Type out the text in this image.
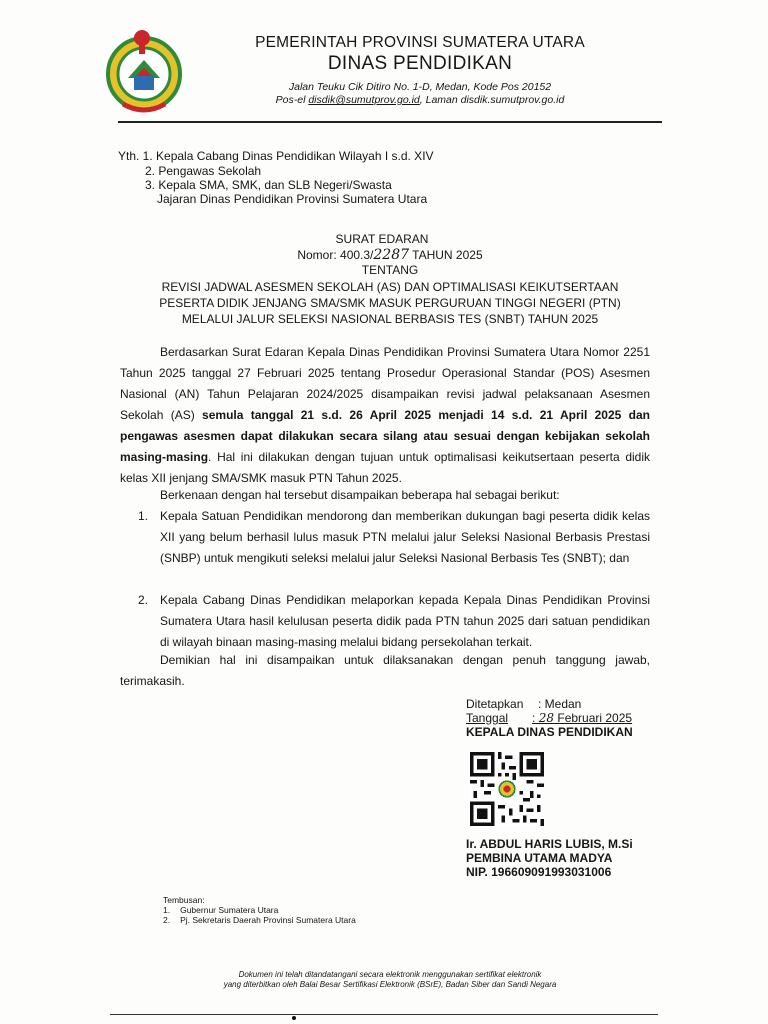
PEMERINTAH PROVINSI SUMATERA UTARA
DINAS PENDIDIKAN
Jalan Teuku Cik Ditiro No. 1-D, Medan, Kode Pos 20152
Pos-el disdik@sumutprov.go.id, Laman disdik.sumutprov.go.id
Yth. 1. Kepala Cabang Dinas Pendidikan Wilayah I s.d. XIV
2. Pengawas Sekolah
3. Kepala SMA, SMK, dan SLB Negeri/Swasta
Jajaran Dinas Pendidikan Provinsi Sumatera Utara
SURAT EDARAN
Nomor: 400.3/2287 TAHUN 2025
TENTANG
REVISI JADWAL ASESMEN SEKOLAH (AS) DAN OPTIMALISASI KEIKUTSERTAAN
PESERTA DIDIK JENJANG SMA/SMK MASUK PERGURUAN TINGGI NEGERI (PTN)
MELALUI JALUR SELEKSI NASIONAL BERBASIS TES (SNBT) TAHUN 2025
Berdasarkan Surat Edaran Kepala Dinas Pendidikan Provinsi Sumatera Utara Nomor 2251 Tahun 2025 tanggal 27 Februari 2025 tentang Prosedur Operasional Standar (POS) Asesmen Nasional (AN) Tahun Pelajaran 2024/2025 disampaikan revisi jadwal pelaksanaan Asesmen Sekolah (AS) semula tanggal 21 s.d. 26 April 2025 menjadi 14 s.d. 21 April 2025 dan pengawas asesmen dapat dilakukan secara silang atau sesuai dengan kebijakan sekolah masing-masing. Hal ini dilakukan dengan tujuan untuk optimalisasi keikutsertaan peserta didik kelas XII jenjang SMA/SMK masuk PTN Tahun 2025.
Berkenaan dengan hal tersebut disampaikan beberapa hal sebagai berikut:
1. Kepala Satuan Pendidikan mendorong dan memberikan dukungan bagi peserta didik kelas XII yang belum berhasil lulus masuk PTN melalui jalur Seleksi Nasional Berbasis Prestasi (SNBP) untuk mengikuti seleksi melalui jalur Seleksi Nasional Berbasis Tes (SNBT); dan
2. Kepala Cabang Dinas Pendidikan melaporkan kepada Kepala Dinas Pendidikan Provinsi Sumatera Utara hasil kelulusan peserta didik pada PTN tahun 2025 dari satuan pendidikan di wilayah binaan masing-masing melalui bidang persekolahan terkait.
Demikian hal ini disampaikan untuk dilaksanakan dengan penuh tanggung jawab, terimakasih.
Ditetapkan : Medan
Tanggal : 28 Februari 2025
KEPALA DINAS PENDIDIKAN
Ir. ABDUL HARIS LUBIS, M.Si
PEMBINA UTAMA MADYA
NIP. 196609091993031006
Tembusan:
1. Gubernur Sumatera Utara
2. Pj. Sekretaris Daerah Provinsi Sumatera Utara
Dokumen ini telah ditandatangani secara elektronik menggunakan sertifikat elektronik
yang diterbitkan oleh Balai Besar Sertifikasi Elektronik (BSrE), Badan Siber dan Sandi Negara
